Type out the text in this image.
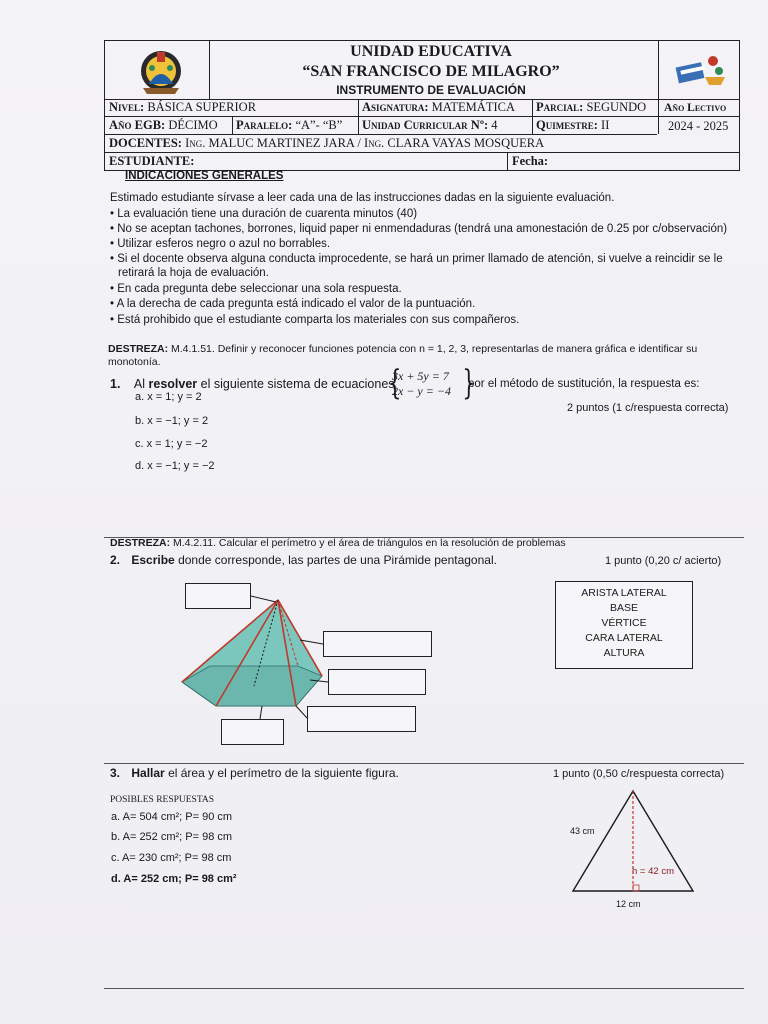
UNIDAD EDUCATIVA
“SAN FRANCISCO DE MILAGRO”
INSTRUMENTO DE EVALUACIÓN
Nivel: BÁSICA SUPERIOR	Asignatura: MATEMÁTICA Parcial: SEGUNDO Año Lectivo
2024 - 2025
Año EGB: DÉCIMO Paralelo: “A”- “B” Unidad Curricular Nº: 4	Quimestre: II
DOCENTES: Ing. MALUC MARTINEZ JARA / Ing. CLARA VAYAS MOSQUERA
ESTUDIANTE:	Fecha:
INDICACIONES GENERALES
Estimado estudiante sírvase a leer cada una de las instrucciones dadas en la siguiente evaluación.
• La evaluación tiene una duración de cuarenta minutos (40)
• No se aceptan tachones, borrones, liquid paper ni enmendaduras (tendrá una amonestación de 0.25 por c/observación)
• Utilizar esferos negro o azul no borrables.
• Si el docente observa alguna conducta improcedente, se hará un primer llamado de atención, si vuelve a reincidir se le
retirará la hoja de evaluación.
• En cada pregunta debe seleccionar una sola respuesta.
• A la derecha de cada pregunta está indicado el valor de la puntuación.
• Está prohibido que el estudiante comparta los materiales con sus compañeros.
DESTREZA: M.4.1.51. Definir y reconocer funciones potencia con n = 1, 2, 3, representarlas de manera gráfica e identificar su
monotonía.
1. Al resolver el siguiente sistema de ecuaciones
{
3x + 5y = 7
2x − y = −4 }
por el método de sustitución, la respuesta es:
2 puntos (1 c/respuesta correcta)
a. x = 1; y = 2
b. x = −1; y = 2
c. x = 1; y = −2
d. x = −1; y = −2
DESTREZA: M.4.2.11. Calcular el perímetro y el área de triángulos en la resolución de problemas
2. Escribe donde corresponde, las partes de una Pirámide pentagonal.	1 punto (0,20 c/ acierto)
ARISTA LATERAL
BASE
VÉRTICE
CARA LATERAL
ALTURA
3. Hallar el área y el perímetro de la siguiente figura.	1 punto (0,50 c/respuesta correcta)
POSIBLES RESPUESTAS
a. A= 504 cm²; P= 90 cm
b. A= 252 cm²; P= 98 cm
c. A= 230 cm²; P= 98 cm
d. A= 252 cm; P= 98 cm²
43 cm
h = 42 cm
12 cm
